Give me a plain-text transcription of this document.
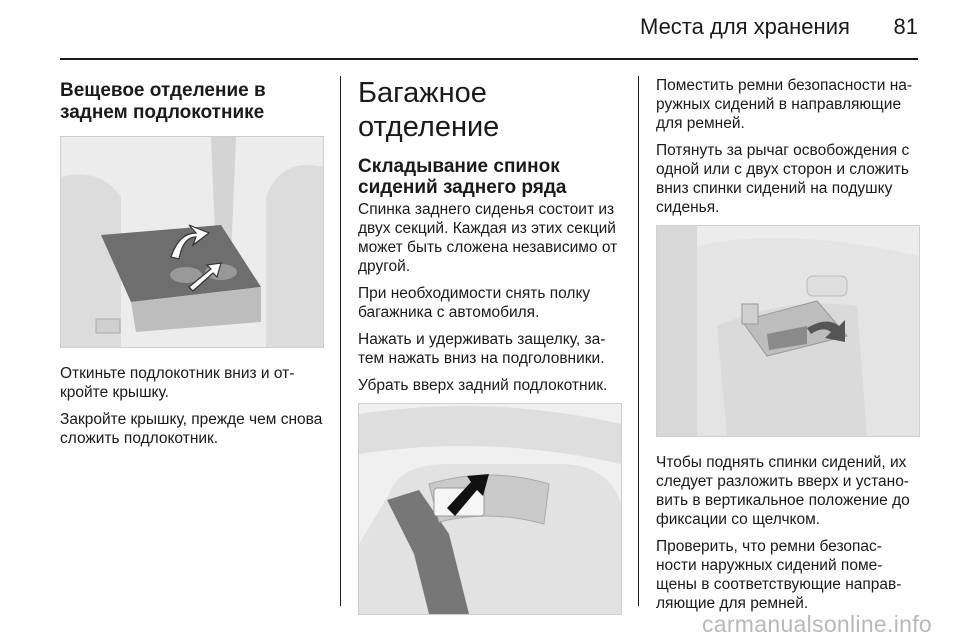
Места для хранения 81
Вещевое отделение в заднем подлокотнике

Откиньте подлокотник вниз и от-кройте крышку.

Закройте крышку, прежде чем снова сложить подлокотник.

Багажное отделение
Складывание спинок сидений заднего ряда

Спинка заднего сиденья состоит из двух секций. Каждая из этих секций может быть сложена независимо от другой.

При необходимости снять полку багажника с автомобиля.

Нажать и удерживать защелку, за-тем нажать вниз на подголовники.

Убрать вверх задний подлокотник.

Поместить ремни безопасности на-ружных сидений в направляющие для ремней.

Потянуть за рычаг освобождения с одной или с двух сторон и сложить вниз спинки сидений на подушку сиденья.

Чтобы поднять спинки сидений, их следует разложить вверх и устано-вить в вертикальное положение до фиксации со щелчком.

Проверить, что ремни безопас-ности наружных сидений поме-щены в соответствующие направ-ляющие для ремней.

carmanualsonline.info
